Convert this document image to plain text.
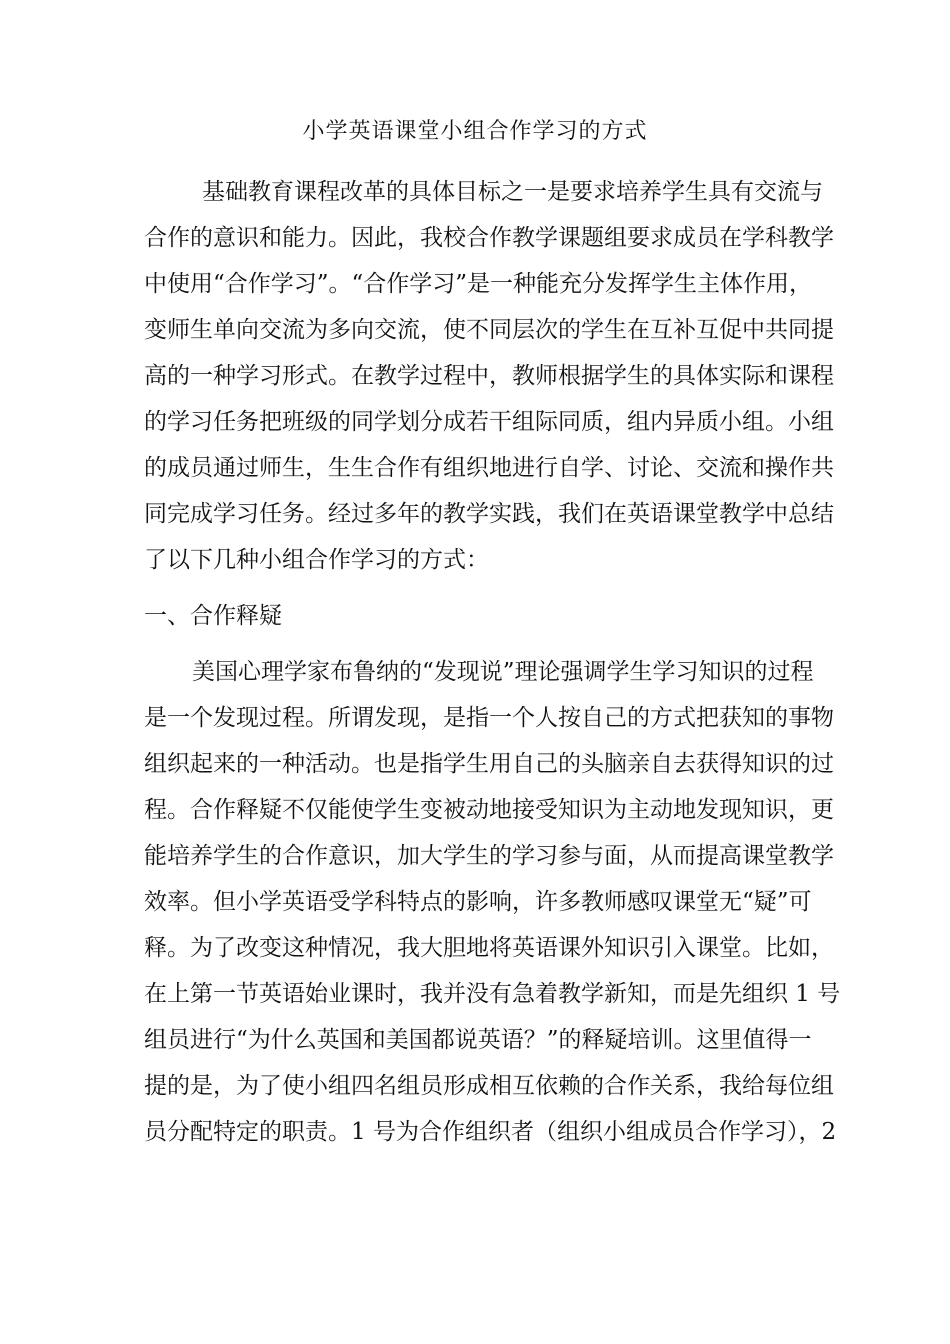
小学英语课堂小组合作学习的方式
基础教育课程改革的具体目标之一是要求培养学生具有交流与
合作的意识和能力。因此，我校合作教学课题组要求成员在学科教学
中使用“合作学习”。“合作学习”是一种能充分发挥学生主体作用，
变师生单向交流为多向交流，使不同层次的学生在互补互促中共同提
高的一种学习形式。在教学过程中，教师根据学生的具体实际和课程
的学习任务把班级的同学划分成若干组际同质，组内异质小组。小组
的成员通过师生，生生合作有组织地进行自学、讨论、交流和操作共
同完成学习任务。经过多年的教学实践，我们在英语课堂教学中总结
了以下几种小组合作学习的方式：
一、合作释疑
美国心理学家布鲁纳的“发现说”理论强调学生学习知识的过程
是一个发现过程。所谓发现，是指一个人按自己的方式把获知的事物
组织起来的一种活动。也是指学生用自己的头脑亲自去获得知识的过
程。合作释疑不仅能使学生变被动地接受知识为主动地发现知识，更
能培养学生的合作意识，加大学生的学习参与面，从而提高课堂教学
效率。但小学英语受学科特点的影响，许多教师感叹课堂无“疑”可
释。为了改变这种情况，我大胆地将英语课外知识引入课堂。比如，
在上第一节英语始业课时，我并没有急着教学新知，而是先组织 1 号
组员进行“为什么英国和美国都说英语？”的释疑培训。这里值得一
提的是，为了使小组四名组员形成相互依赖的合作关系，我给每位组
员分配特定的职责。1 号为合作组织者（组织小组成员合作学习），2
